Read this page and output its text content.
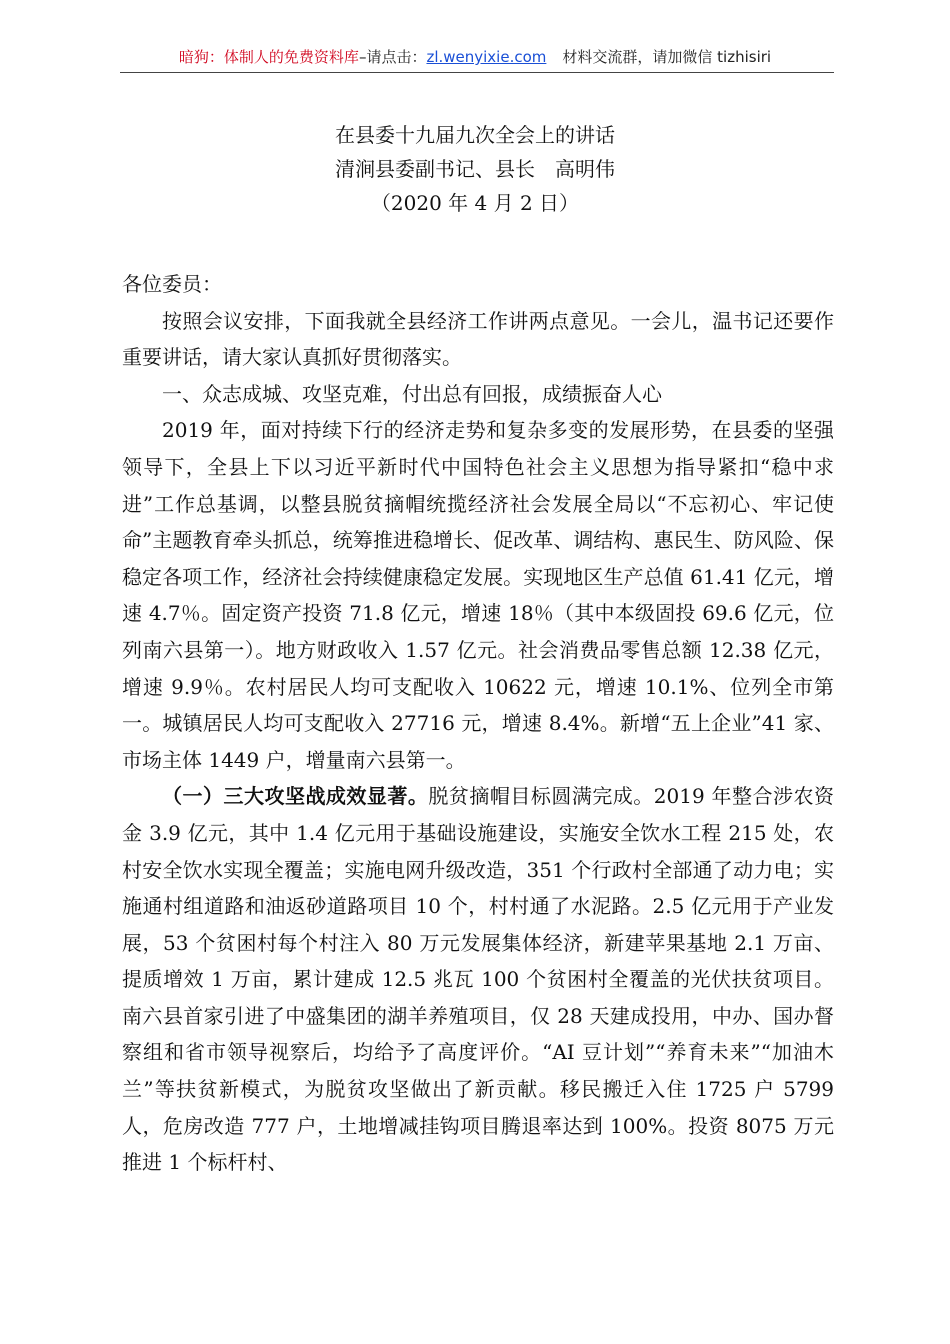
暗狗：体制人的免费资料库–请点击：zl.wenyixie.com 材料交流群，请加微信 tizhisiri
在县委十九届九次全会上的讲话
清涧县委副书记、县长　高明伟
（2020 年 4 月 2 日）

各位委员：

按照会议安排，下面我就全县经济工作讲两点意见。一会儿，温书记还要作重要讲话，请大家认真抓好贯彻落实。

一、众志成城、攻坚克难，付出总有回报，成绩振奋人心

2019 年，面对持续下行的经济走势和复杂多变的发展形势，在县委的坚强领导下，全县上下以习近平新时代中国特色社会主义思想为指导紧扣“稳中求进”工作总基调，以整县脱贫摘帽统揽经济社会发展全局以“不忘初心、牢记使命”主题教育牵头抓总，统筹推进稳增长、促改革、调结构、惠民生、防风险、保稳定各项工作，经济社会持续健康稳定发展。实现地区生产总值 61.41 亿元，增速 4.7％。固定资产投资 71.8 亿元，增速 18％（其中本级固投 69.6 亿元，位列南六县第一）。地方财政收入 1.57 亿元。社会消费品零售总额 12.38 亿元，增速 9.9％。农村居民人均可支配收入 10622 元，增速 10.1%、位列全市第一。城镇居民人均可支配收入 27716 元，增速 8.4%。新增“五上企业”41 家、市场主体 1449 户，增量南六县第一。

（一）三大攻坚战成效显著。脱贫摘帽目标圆满完成。2019 年整合涉农资金 3.9 亿元，其中 1.4 亿元用于基础设施建设，实施安全饮水工程 215 处，农村安全饮水实现全覆盖；实施电网升级改造，351 个行政村全部通了动力电；实施通村组道路和油返砂道路项目 10 个，村村通了水泥路。2.5 亿元用于产业发展，53 个贫困村每个村注入 80 万元发展集体经济，新建苹果基地 2.1 万亩、提质增效 1 万亩，累计建成 12.5 兆瓦 100 个贫困村全覆盖的光伏扶贫项目。南六县首家引进了中盛集团的湖羊养殖项目，仅 28 天建成投用，中办、国办督察组和省市领导视察后，均给予了高度评价。“AI 豆计划”“养育未来”“加油木兰”等扶贫新模式，为脱贫攻坚做出了新贡献。移民搬迁入住 1725 户 5799 人，危房改造 777 户，土地增减挂钩项目腾退率达到 100%。投资 8075 万元推进 1 个标杆村、
